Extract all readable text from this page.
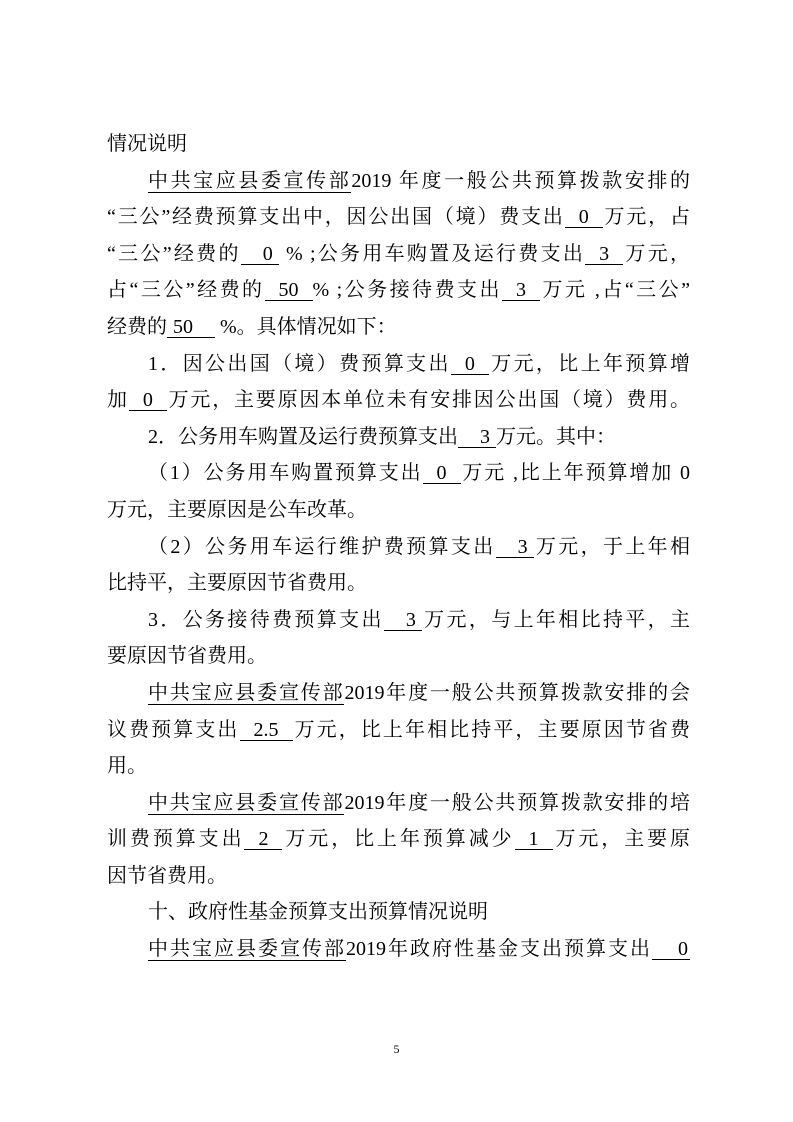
情况说明
中共宝应县委宣传部2019 年度一般公共预算拨款安排的
“三公”经费预算支出中，因公出国（境）费支出 0 万元，占
“三公”经费的 0 % ;公务用车购置及运行费支出 3 万元，
占“三公”经费的 50 % ;公务接待费支出 3 万元 ,占“三公”
经费的 50 %。具体情况如下：
1．因公出国（境）费预算支出 0 万元，比上年预算增
加 0 万元，主要原因本单位未有安排因公出国（境）费用。
2．公务用车购置及运行费预算支出 3 万元。其中：
（1）公务用车购置预算支出 0 万元 ,比上年预算增加 0
万元，主要原因是公车改革。
（2）公务用车运行维护费预算支出 3 万元，于上年相
比持平，主要原因节省费用。
3．公务接待费预算支出 3 万元，与上年相比持平，主
要原因节省费用。
中共宝应县委宣传部2019年度一般公共预算拨款安排的会
议费预算支出 2.5 万元，比上年相比持平，主要原因节省费
用。
中共宝应县委宣传部2019年度一般公共预算拨款安排的培
训费预算支出 2 万元，比上年预算减少 1 万元，主要原
因节省费用。
十、政府性基金预算支出预算情况说明
中共宝应县委宣传部2019年政府性基金支出预算支出 0
5
